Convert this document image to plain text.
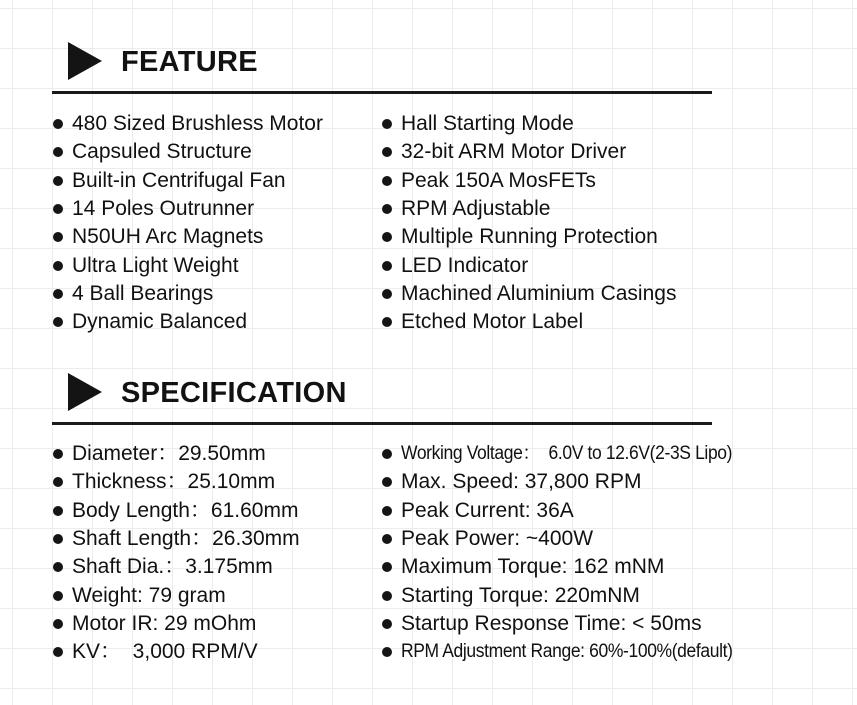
FEATURE
480 Sized Brushless Motor
Capsuled Structure
Built-in Centrifugal Fan
14 Poles Outrunner
N50UH Arc Magnets
Ultra Light Weight
4 Ball Bearings
Dynamic Balanced
Hall Starting Mode
32-bit ARM Motor Driver
Peak 150A MosFETs
RPM Adjustable
Multiple Running Protection
LED Indicator
Machined Aluminium Casings
Etched Motor Label
SPECIFICATION
Diameter：29.50mm
Thickness：25.10mm
Body Length：61.60mm
Shaft Length：26.30mm
Shaft Dia.：3.175mm
Weight: 79 gram
Motor IR: 29 mOhm
KV：  3,000 RPM/V
Working Voltage：  6.0V to 12.6V(2-3S Lipo)
Max. Speed: 37,800 RPM
Peak Current: 36A
Peak Power: ~400W
Maximum Torque: 162 mNM
Starting Torque: 220mNM
Startup Response Time: < 50ms
RPM Adjustment Range: 60%-100%(default)
